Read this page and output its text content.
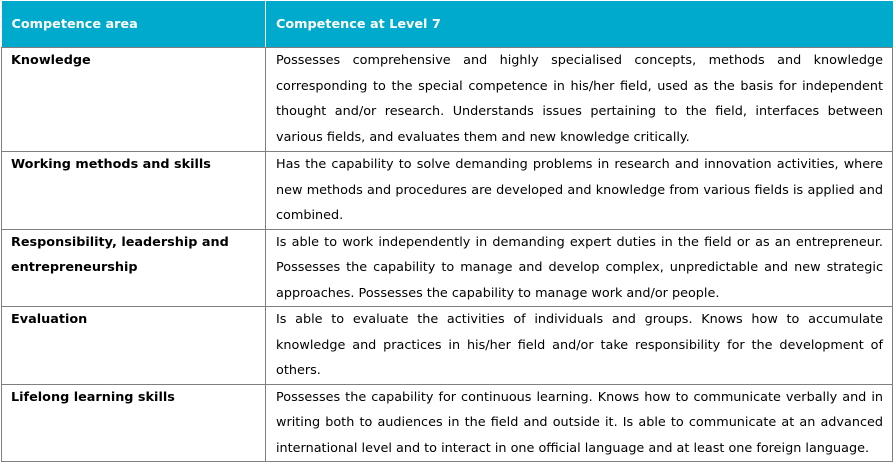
Competence area	Competence at Level 7
Knowledge	Possesses comprehensive and highly specialised concepts, methods and knowledge corresponding to the special competence in his/her field, used as the basis for independent thought and/or research. Understands issues pertaining to the field, interfaces between various fields, and evaluates them and new knowledge critically.
Working methods and skills	Has the capability to solve demanding problems in research and innovation activities, where new methods and procedures are developed and knowledge from various fields is applied and combined.
Responsibility, leadership and entrepreneurship	Is able to work independently in demanding expert duties in the field or as an entrepreneur. Possesses the capability to manage and develop complex, unpredictable and new strategic approaches. Possesses the capability to manage work and/or people.
Evaluation	Is able to evaluate the activities of individuals and groups. Knows how to accumulate knowledge and practices in his/her field and/or take responsibility for the development of others.
Lifelong learning skills	Possesses the capability for continuous learning. Knows how to communicate verbally and in writing both to audiences in the field and outside it. Is able to communicate at an advanced international level and to interact in one official language and at least one foreign language.
